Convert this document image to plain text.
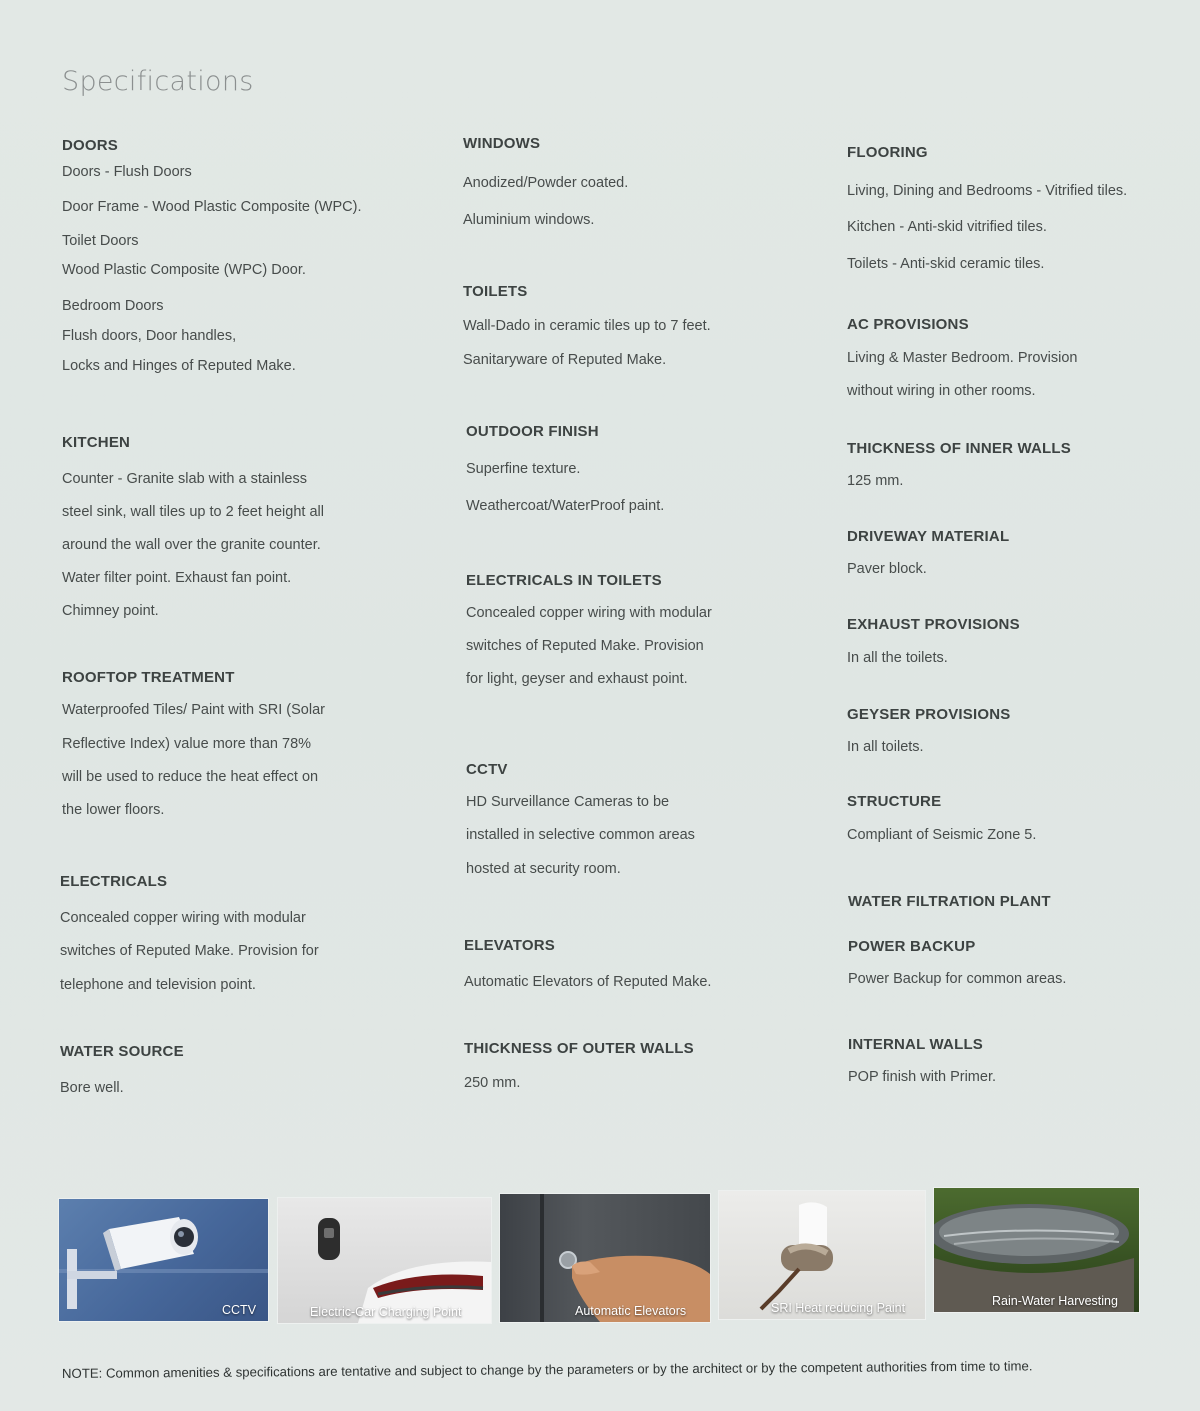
Specifications
DOORS
Doors - Flush Doors
Door Frame - Wood Plastic Composite (WPC).
Toilet Doors
Wood Plastic Composite (WPC) Door.
Bedroom Doors
Flush doors, Door handles,
Locks and Hinges of Reputed Make.
KITCHEN
Counter - Granite slab with a stainless
steel sink, wall tiles up to 2 feet height all
around the wall over the granite counter.
Water filter point. Exhaust fan point.
Chimney point.
ROOFTOP TREATMENT
Waterproofed Tiles/ Paint with SRI (Solar
Reflective Index) value more than 78%
will be used to reduce the heat effect on
the lower floors.
ELECTRICALS
Concealed copper wiring with modular
switches of Reputed Make. Provision for
telephone and television point.
WATER SOURCE
Bore well.
WINDOWS
Anodized/Powder coated.
Aluminium windows.
TOILETS
Wall-Dado in ceramic tiles up to 7 feet.
Sanitaryware of Reputed Make.
OUTDOOR FINISH
Superfine texture.
Weathercoat/WaterProof paint.
ELECTRICALS IN TOILETS
Concealed copper wiring with modular
switches of Reputed Make. Provision
for light, geyser and exhaust point.
CCTV
HD Surveillance Cameras to be
installed in selective common areas
hosted at security room.
ELEVATORS
Automatic Elevators of Reputed Make.
THICKNESS OF OUTER WALLS
250 mm.
FLOORING
Living, Dining and Bedrooms - Vitrified tiles.
Kitchen - Anti-skid vitrified tiles.
Toilets - Anti-skid ceramic tiles.
AC PROVISIONS
Living & Master Bedroom. Provision
without wiring in other rooms.
THICKNESS OF INNER WALLS
125 mm.
DRIVEWAY MATERIAL
Paver block.
EXHAUST PROVISIONS
In all the toilets.
GEYSER PROVISIONS
In all toilets.
STRUCTURE
Compliant of Seismic Zone 5.
WATER FILTRATION PLANT
POWER BACKUP
Power Backup for common areas.
INTERNAL WALLS
POP finish with Primer.
CCTV	Electric-Car Charging Point	Automatic Elevators	SRI Heat reducing Paint	Rain-Water Harvesting
NOTE: Common amenities & specifications are tentative and subject to change by the parameters or by the architect or by the competent authorities from time to time.
